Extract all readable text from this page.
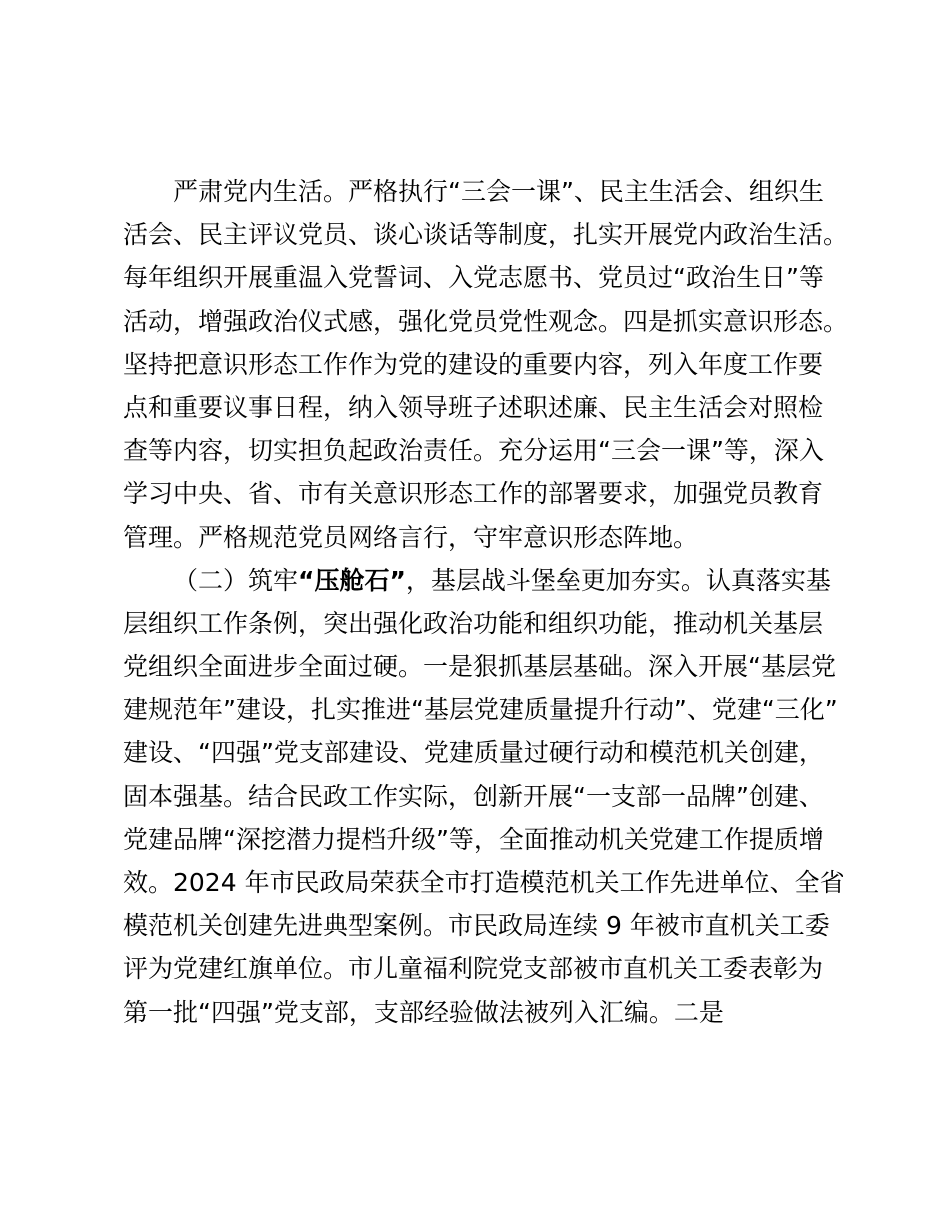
严肃党内生活。严格执行“三会一课”、民主生活会、组织生
活会、民主评议党员、谈心谈话等制度，扎实开展党内政治生活。
每年组织开展重温入党誓词、入党志愿书、党员过“政治生日”等
活动，增强政治仪式感，强化党员党性观念。四是抓实意识形态。
坚持把意识形态工作作为党的建设的重要内容，列入年度工作要
点和重要议事日程，纳入领导班子述职述廉、民主生活会对照检
查等内容，切实担负起政治责任。充分运用“三会一课”等，深入
学习中央、省、市有关意识形态工作的部署要求，加强党员教育
管理。严格规范党员网络言行，守牢意识形态阵地。
（二）筑牢“压舱石”，基层战斗堡垒更加夯实。认真落实基
层组织工作条例，突出强化政治功能和组织功能，推动机关基层
党组织全面进步全面过硬。一是狠抓基层基础。深入开展“基层党
建规范年”建设，扎实推进“基层党建质量提升行动”、党建“三化”
建设、“四强”党支部建设、党建质量过硬行动和模范机关创建，
固本强基。结合民政工作实际，创新开展“一支部一品牌”创建、
党建品牌“深挖潜力提档升级”等，全面推动机关党建工作提质增
效。2024 年市民政局荣获全市打造模范机关工作先进单位、全省
模范机关创建先进典型案例。市民政局连续 9 年被市直机关工委
评为党建红旗单位。市儿童福利院党支部被市直机关工委表彰为
第一批“四强”党支部，支部经验做法被列入汇编。二是
